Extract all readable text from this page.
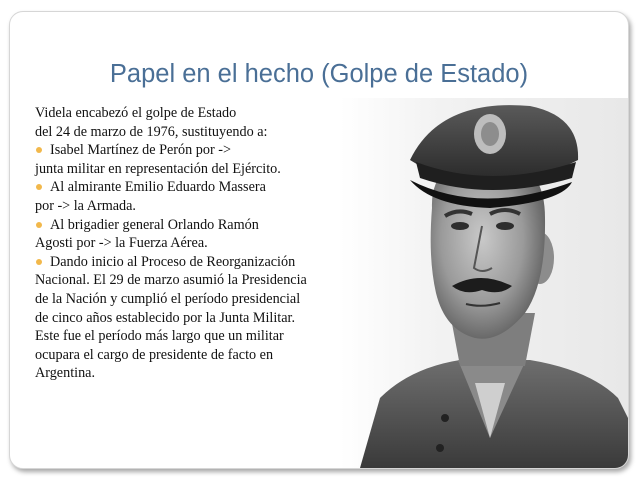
Papel en el hecho (Golpe de Estado)
Videla encabezó el golpe de Estado
del 24 de marzo de 1976, sustituyendo a:
Isabel Martínez de Perón por ->
junta militar en representación del Ejército.
Al almirante Emilio Eduardo Massera
por -> la Armada.
Al brigadier general Orlando Ramón
Agosti por -> la Fuerza Aérea.
Dando inicio al Proceso de Reorganización
Nacional. El 29 de marzo asumió la Presidencia
de la Nación y cumplió el período presidencial
de cinco años establecido por la Junta Militar.
Este fue el período más largo que un militar
ocupara el cargo de presidente de facto en
Argentina.
